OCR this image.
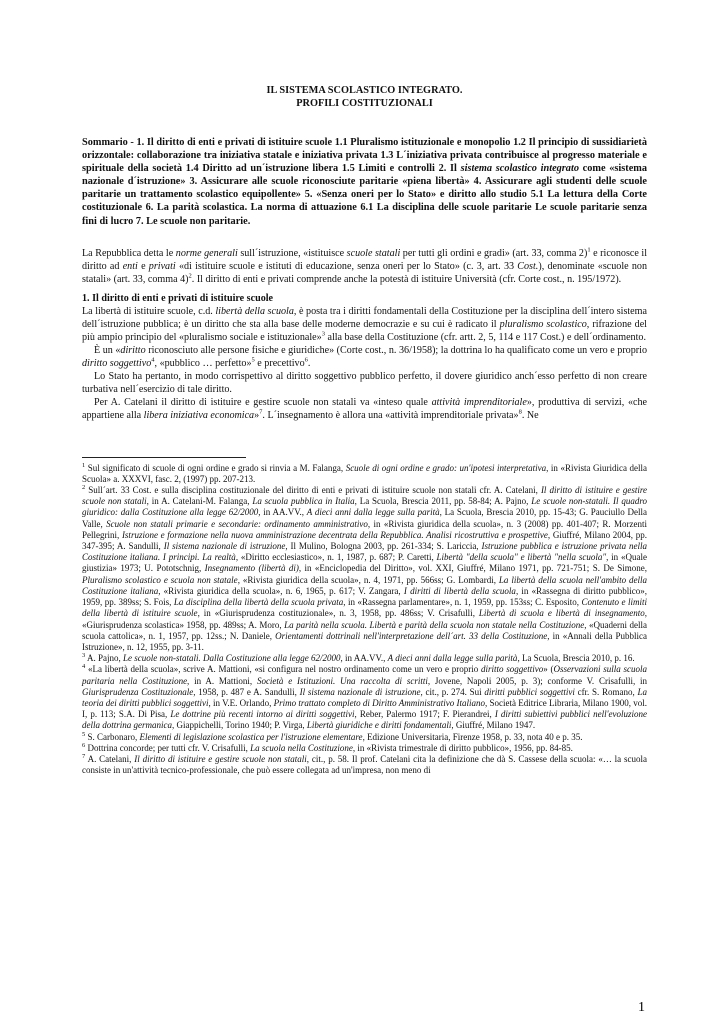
IL SISTEMA SCOLASTICO INTEGRATO.
PROFILI COSTITUZIONALI

Sommario - 1. Il diritto di enti e privati di istituire scuole 1.1 Pluralismo istituzionale e monopolio 1.2 Il principio di sussidiarietà orizzontale: collaborazione tra iniziativa statale e iniziativa privata 1.3 L´iniziativa privata contribuisce al progresso materiale e spirituale della società 1.4 Diritto ad un´istruzione libera 1.5 Limiti e controlli 2. Il sistema scolastico integrato come «sistema nazionale d´istruzione» 3. Assicurare alle scuole riconosciute paritarie «piena libertà» 4. Assicurare agli studenti delle scuole paritarie un trattamento scolastico equipollente» 5. «Senza oneri per lo Stato» e diritto allo studio 5.1 La lettura della Corte costituzionale 6. La parità scolastica. La norma di attuazione 6.1 La disciplina delle scuole paritarie Le scuole paritarie senza fini di lucro 7. Le scuole non paritarie.

La Repubblica detta le norme generali sull´istruzione, «istituisce scuole statali per tutti gli ordini e gradi» (art. 33, comma 2)$^1$ e riconosce il diritto ad enti e privati «di istituire scuole e istituti di educazione, senza oneri per lo Stato» (c. 3, art. 33 Cost.), denominate «scuole non statali» (art. 33, comma 4)$^2$. Il diritto di enti e privati comprende anche la potestà di istituire Università (cfr. Corte cost., n. 195/1972).

1. Il diritto di enti e privati di istituire scuole

La libertà di istituire scuole, c.d. libertà della scuola, è posta tra i diritti fondamentali della Costituzione per la disciplina dell´intero sistema dell´istruzione pubblica; è un diritto che sta alla base delle moderne democrazie e su cui è radicato il pluralismo scolastico, rifrazione del più ampio principio del «pluralismo sociale e istituzionale»$^3$ alla base della Costituzione (cfr. artt. 2, 5, 114 e 117 Cost.) e dell´ordinamento.

È un «diritto riconosciuto alle persone fisiche e giuridiche» (Corte cost., n. 36/1958); la dottrina lo ha qualificato come un vero e proprio diritto soggettivo$^4$, «pubblico … perfetto»$^5$ e precettivo$^6$.

Lo Stato ha pertanto, in modo corrispettivo al diritto soggettivo pubblico perfetto, il dovere giuridico anch´esso perfetto di non creare turbativa nell´esercizio di tale diritto.

Per A. Catelani il diritto di istituire e gestire scuole non statali va «inteso quale attività imprenditoriale», produttiva di servizi, «che appartiene alla libera iniziativa economica»$^7$. L´insegnamento è allora una «attività imprenditoriale privata»$^8$. Ne

$^1$ Sul significato di scuole di ogni ordine e grado si rinvia a M. Falanga, Scuole di ogni ordine e grado: un'ipotesi interpretativa, in «Rivista Giuridica della Scuola» a. XXXVI, fasc. 2, (1997) pp. 207-213.

$^2$ Sull´art. 33 Cost. e sulla disciplina costituzionale del diritto di enti e privati di istituire scuole non statali cfr. A. Catelani, Il diritto di istituire e gestire scuole non statali, in A. Catelani-M. Falanga, La scuola pubblica in Italia, La Scuola, Brescia 2011, pp. 58-84; A. Pajno, Le scuole non-statali. Il quadro giuridico: dalla Costituzione alla legge 62/2000, in AA.VV., A dieci anni dalla legge sulla parità, La Scuola, Brescia 2010, pp. 15-43; G. Pauciullo Della Valle, Scuole non statali primarie e secondarie: ordinamento amministrativo, in «Rivista giuridica della scuola», n. 3 (2008) pp. 401-407; R. Morzenti Pellegrini, Istruzione e formazione nella nuova amministrazione decentrata della Repubblica. Analisi ricostruttiva e prospettive, Giuffré, Milano 2004, pp. 347-395; A. Sandulli, Il sistema nazionale di istruzione, Il Mulino, Bologna 2003, pp. 261-334; S. Lariccia, Istruzione pubblica e istruzione privata nella Costituzione italiana. I principi. La realtà, «Diritto ecclesiastico», n. 1, 1987, p. 687; P. Caretti, Libertà "della scuola" e libertà "nella scuola", in «Quale giustizia» 1973; U. Pototschnig, Insegnamento (libertà di), in «Enciclopedia del Diritto», vol. XXI, Giuffré, Milano 1971, pp. 721-751; S. De Simone, Pluralismo scolastico e scuola non statale, «Rivista giuridica della scuola», n. 4, 1971, pp. 566ss; G. Lombardi, La libertà della scuola nell'ambito della Costituzione italiana, «Rivista giuridica della scuola», n. 6, 1965, p. 617; V. Zangara, I diritti di libertà della scuola, in «Rassegna di diritto pubblico», 1959, pp. 389ss; S. Fois, La disciplina della libertà della scuola privata, in «Rassegna parlamentare», n. 1, 1959, pp. 153ss; C. Esposito, Contenuto e limiti della libertà di istituire scuole, in «Giurisprudenza costituzionale», n. 3, 1958, pp. 486ss; V. Crisafulli, Libertà di scuola e libertà di insegnamento, «Giurisprudenza scolastica» 1958, pp. 489ss; A. Moro, La parità nella scuola. Libertà e parità della scuola non statale nella Costituzione, «Quaderni della scuola cattolica», n. 1, 1957, pp. 12ss.; N. Daniele, Orientamenti dottrinali nell'interpretazione dell´art. 33 della Costituzione, in «Annali della Pubblica Istruzione», n. 12, 1955, pp. 3-11.

$^3$ A. Pajno, Le scuole non-statali. Dalla Costituzione alla legge 62/2000, in AA.VV., A dieci anni dalla legge sulla parità, La Scuola, Brescia 2010, p. 16.

$^4$ «La libertà della scuola», scrive A. Mattioni, «si configura nel nostro ordinamento come un vero e proprio diritto soggettivo» (Osservazioni sulla scuola paritaria nella Costituzione, in A. Mattioni, Società e Istituzioni. Una raccolta di scritti, Jovene, Napoli 2005, p. 3); conforme V. Crisafulli, in Giurisprudenza Costituzionale, 1958, p. 487 e A. Sandulli, Il sistema nazionale di istruzione, cit., p. 274. Sui diritti pubblici soggettivi cfr. S. Romano, La teoria dei diritti pubblici soggettivi, in V.E. Orlando, Primo trattato completo di Diritto Amministrativo Italiano, Società Editrice Libraria, Milano 1900, vol. I, p. 113; S.A. Di Pisa, Le dottrine più recenti intorno ai diritti soggettivi, Reber, Palermo 1917; F. Pierandrei, I diritti subiettivi pubblici nell'evoluzione della dottrina germanica, Giappichelli, Torino 1940; P. Virga, Libertà giuridiche e diritti fondamentali, Giuffré, Milano 1947.

$^5$ S. Carbonaro, Elementi di legislazione scolastica per l'istruzione elementare, Edizione Universitaria, Firenze 1958, p. 33, nota 40 e p. 35.

$^6$ Dottrina concorde; per tutti cfr. V. Crisafulli, La scuola nella Costituzione, in «Rivista trimestrale di diritto pubblico», 1956, pp. 84-85.

$^7$ A. Catelani, Il diritto di istituire e gestire scuole non statali, cit., p. 58. Il prof. Catelani cita la definizione che dà S. Cassese della scuola: «… la scuola consiste in un'attività tecnico-professionale, che può essere collegata ad un'impresa, non meno di

1
